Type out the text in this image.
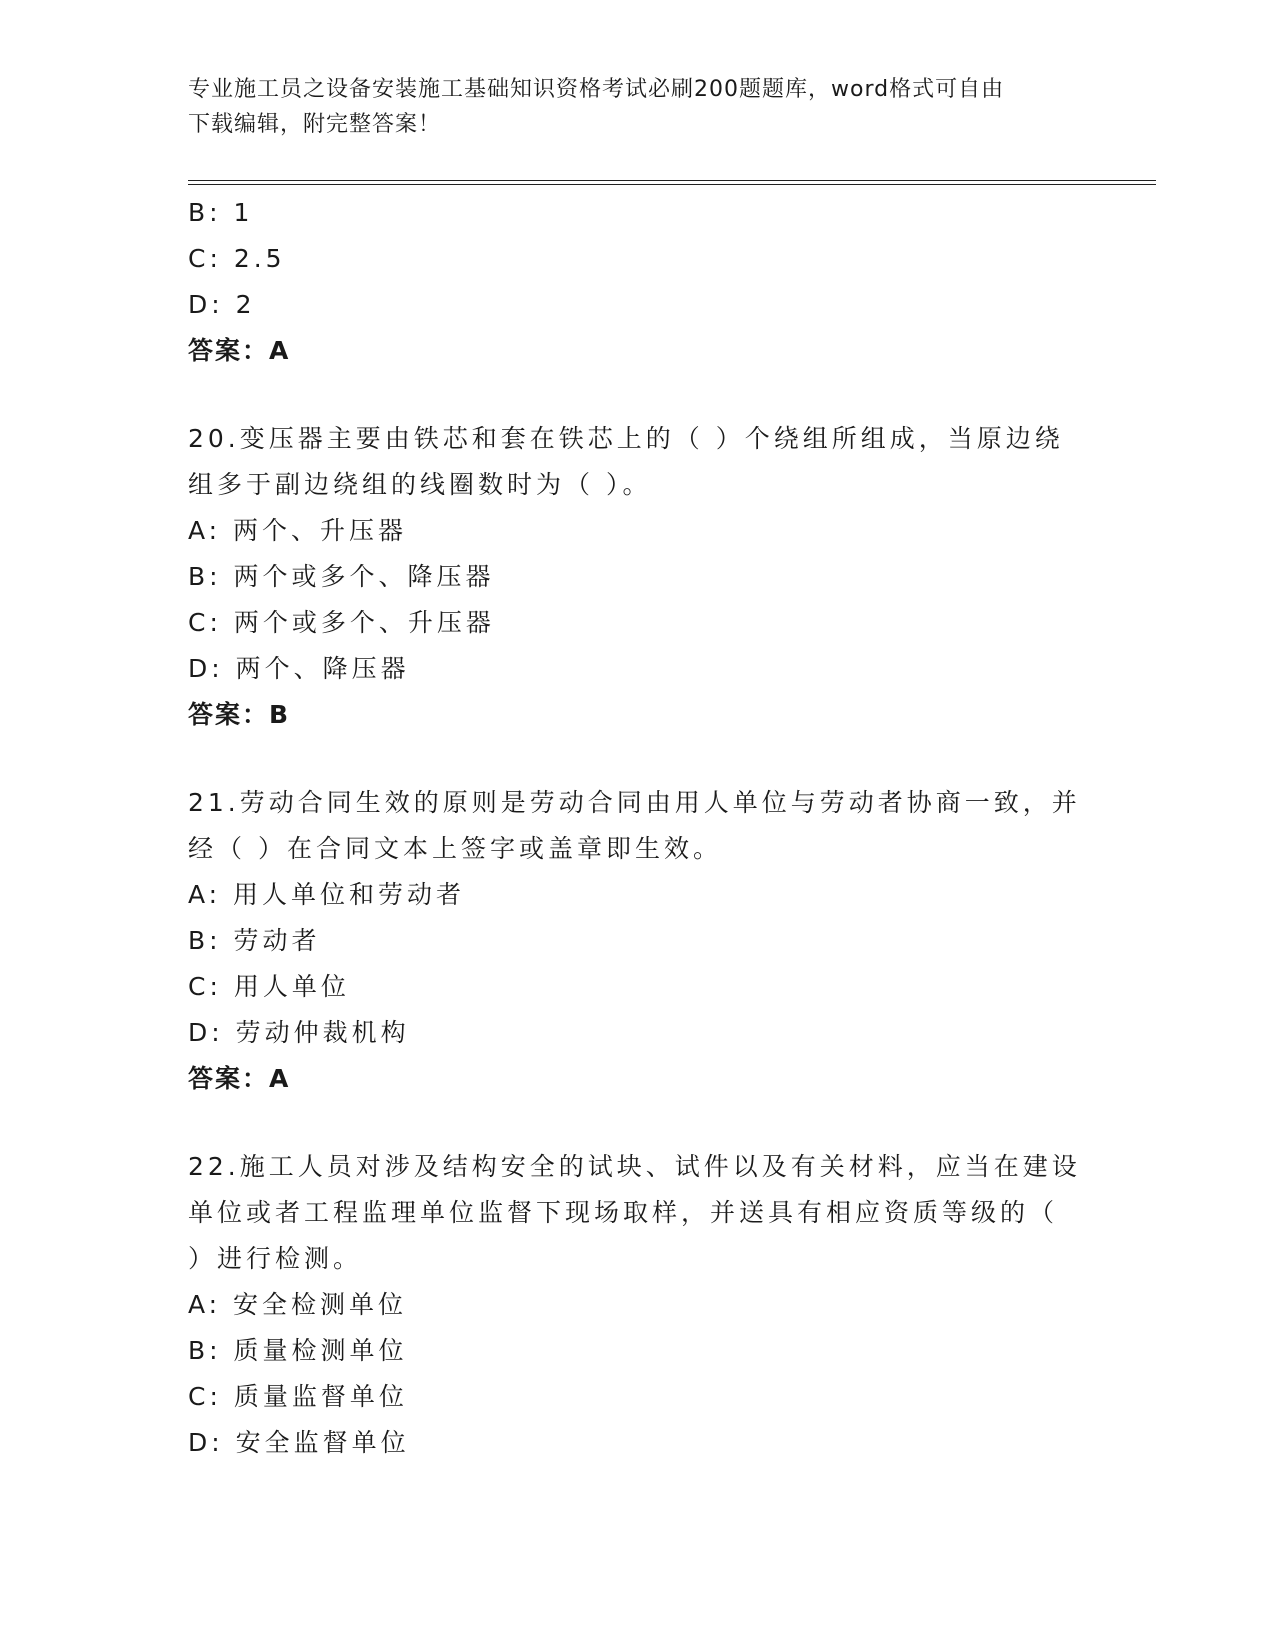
专业施工员之设备安装施工基础知识资格考试必刷200题题库，word格式可自由
下载编辑，附完整答案！
B: 1
C: 2.5
D: 2
答案：A
20.变压器主要由铁芯和套在铁芯上的（ ）个绕组所组成，当原边绕
组多于副边绕组的线圈数时为（ ）。
A: 两个、升压器
B: 两个或多个、降压器
C: 两个或多个、升压器
D: 两个、降压器
答案：B
21.劳动合同生效的原则是劳动合同由用人单位与劳动者协商一致，并
经（ ）在合同文本上签字或盖章即生效。
A: 用人单位和劳动者
B: 劳动者
C: 用人单位
D: 劳动仲裁机构
答案：A
22.施工人员对涉及结构安全的试块、试件以及有关材料，应当在建设
单位或者工程监理单位监督下现场取样，并送具有相应资质等级的（
）进行检测。
A: 安全检测单位
B: 质量检测单位
C: 质量监督单位
D: 安全监督单位
